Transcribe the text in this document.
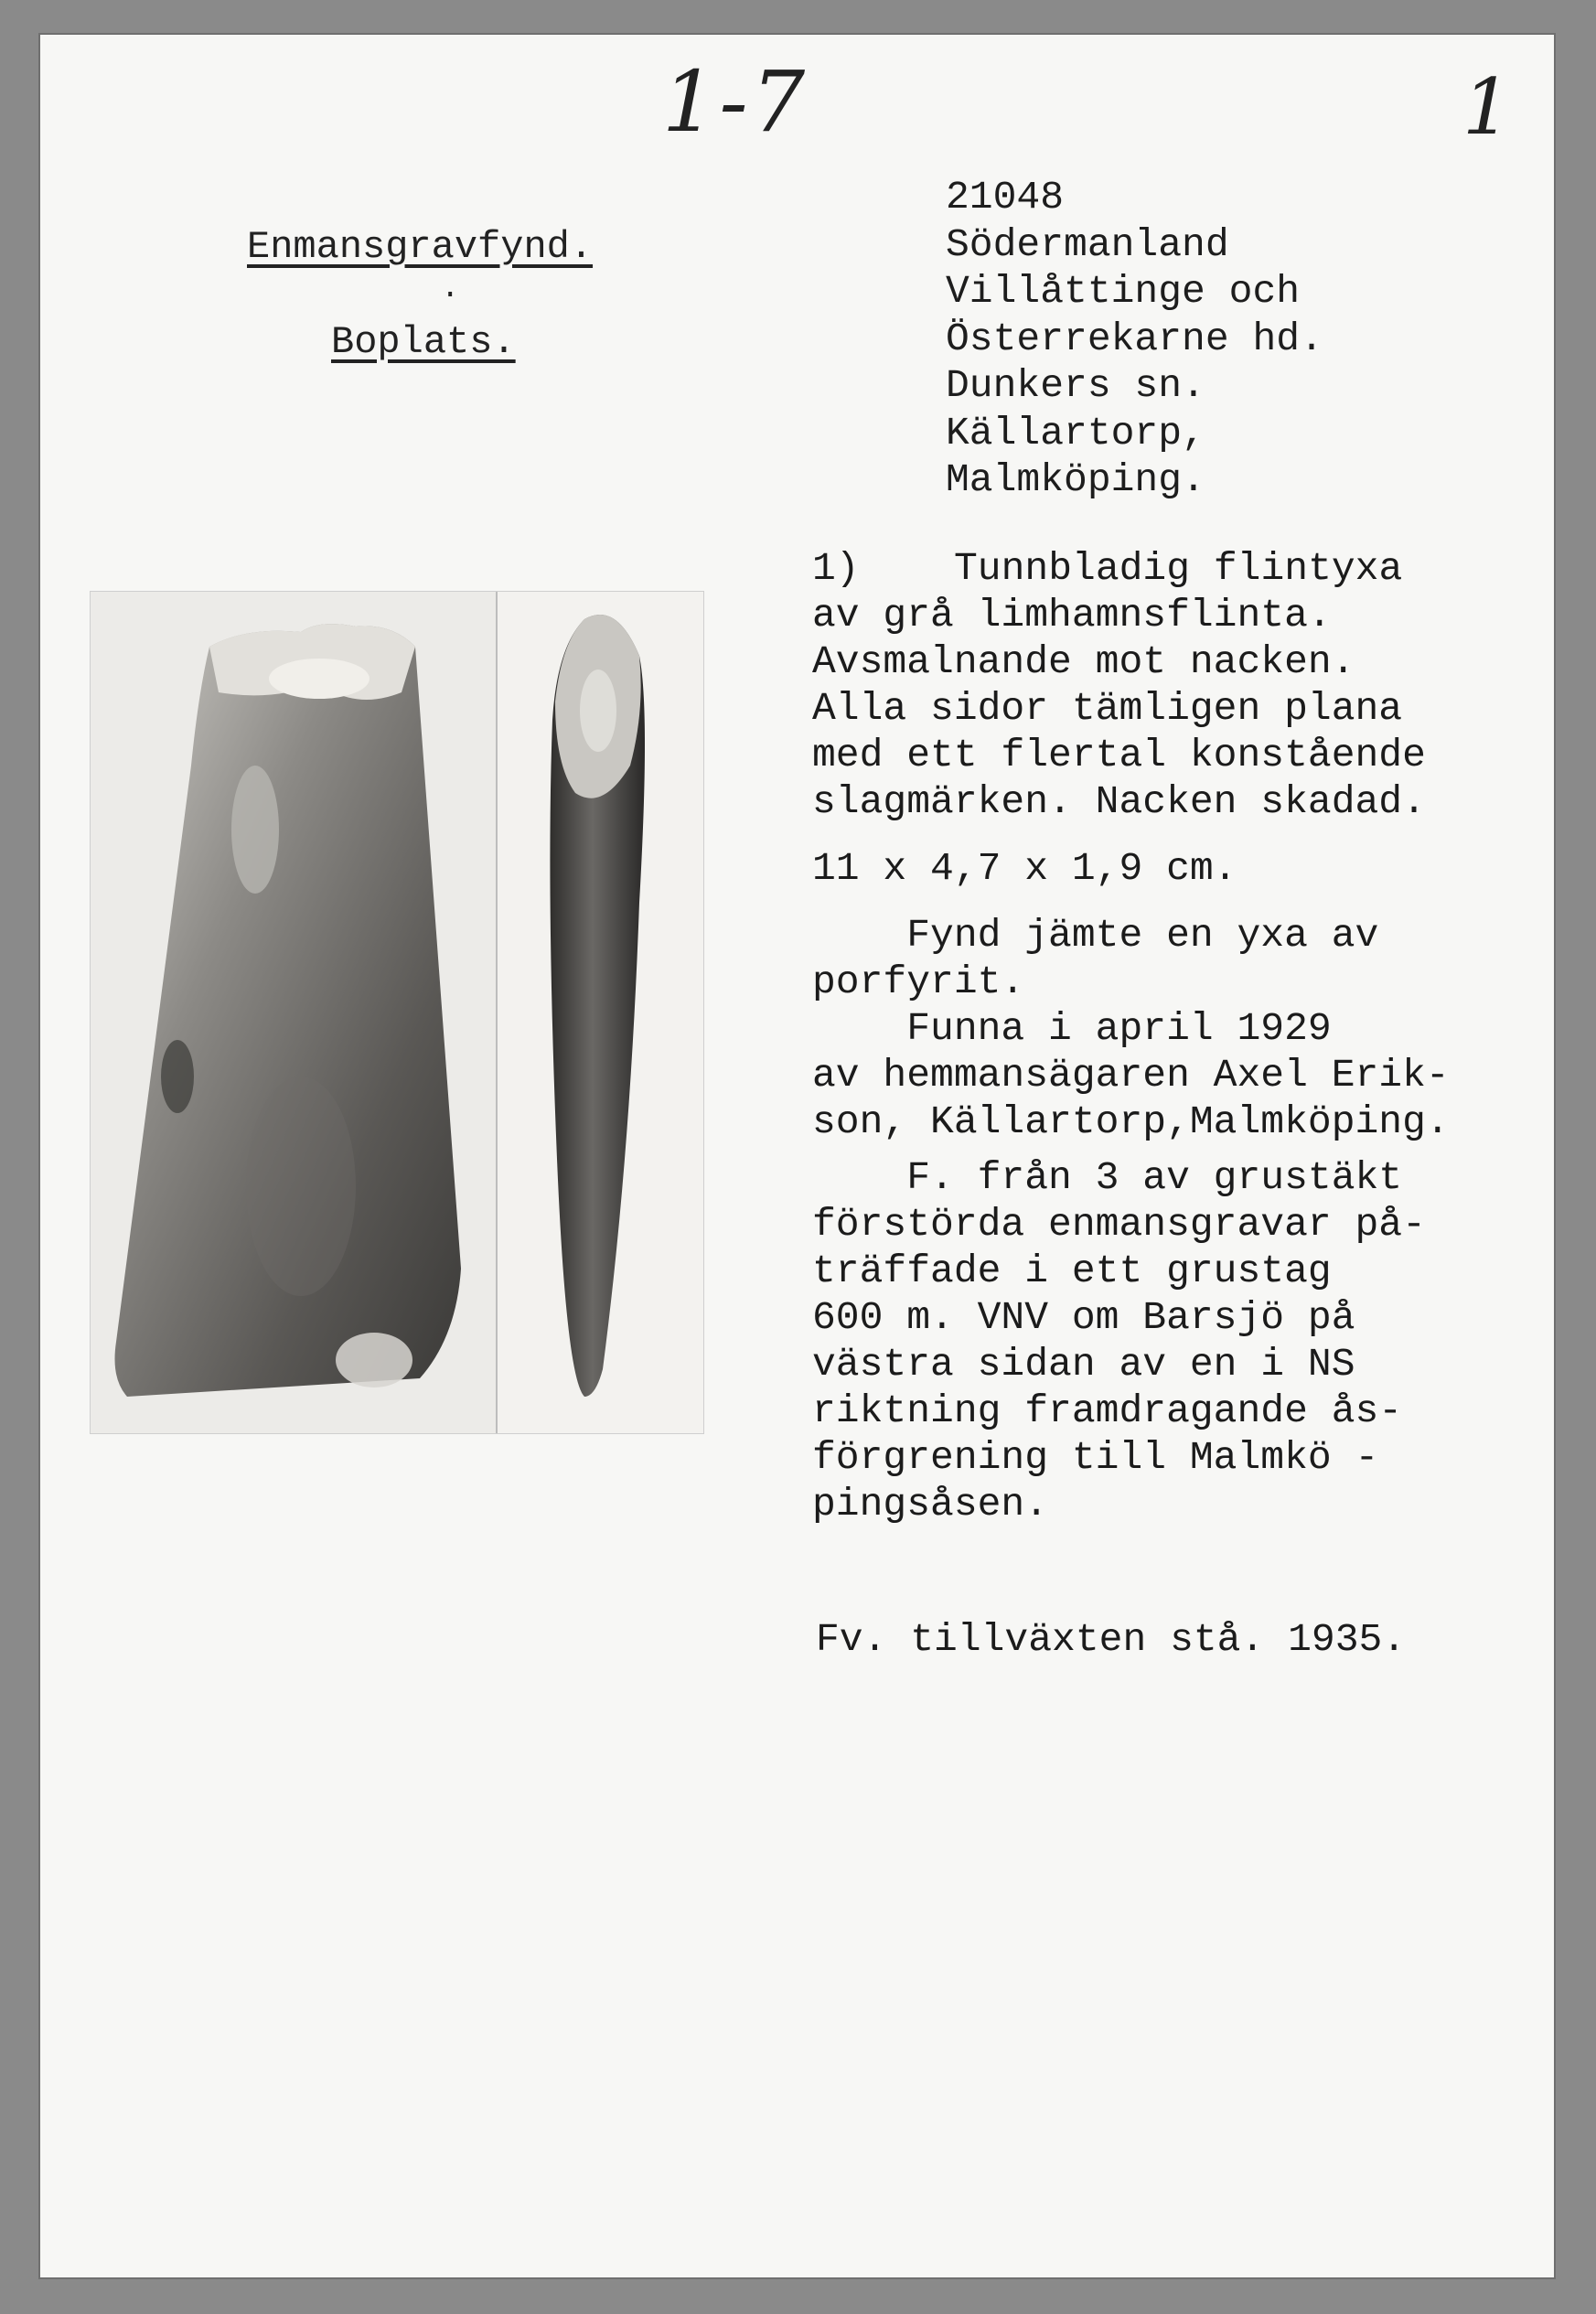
1-7	1
Enmansgravfynd.
·
Boplats.
21048
Södermanland
Villåttinge och
Österrekarne hd.
Dunkers sn.
Källartorp,
Malmköping.
1)	Tunnbladig flintyxa
av grå limhamnsflinta.
Avsmalnande mot nacken.
Alla sidor tämligen plana
med ett flertal konstående
slagmärken. Nacken skadad.
11 x 4,7 x 1,9 cm.
Fynd jämte en yxa av
porfyrit.
Funna i april 1929
av hemmansägaren Axel Erik-
son, Källartorp,Malmköping.
F. från 3 av grustäkt
förstörda enmansgravar på-
träffade i ett grustag
600 m. VNV om Barsjö på
västra sidan av en i NS
riktning framdragande ås-
förgrening till Malmkö -
pingsåsen.
Fv. tillväxten stå. 1935.
